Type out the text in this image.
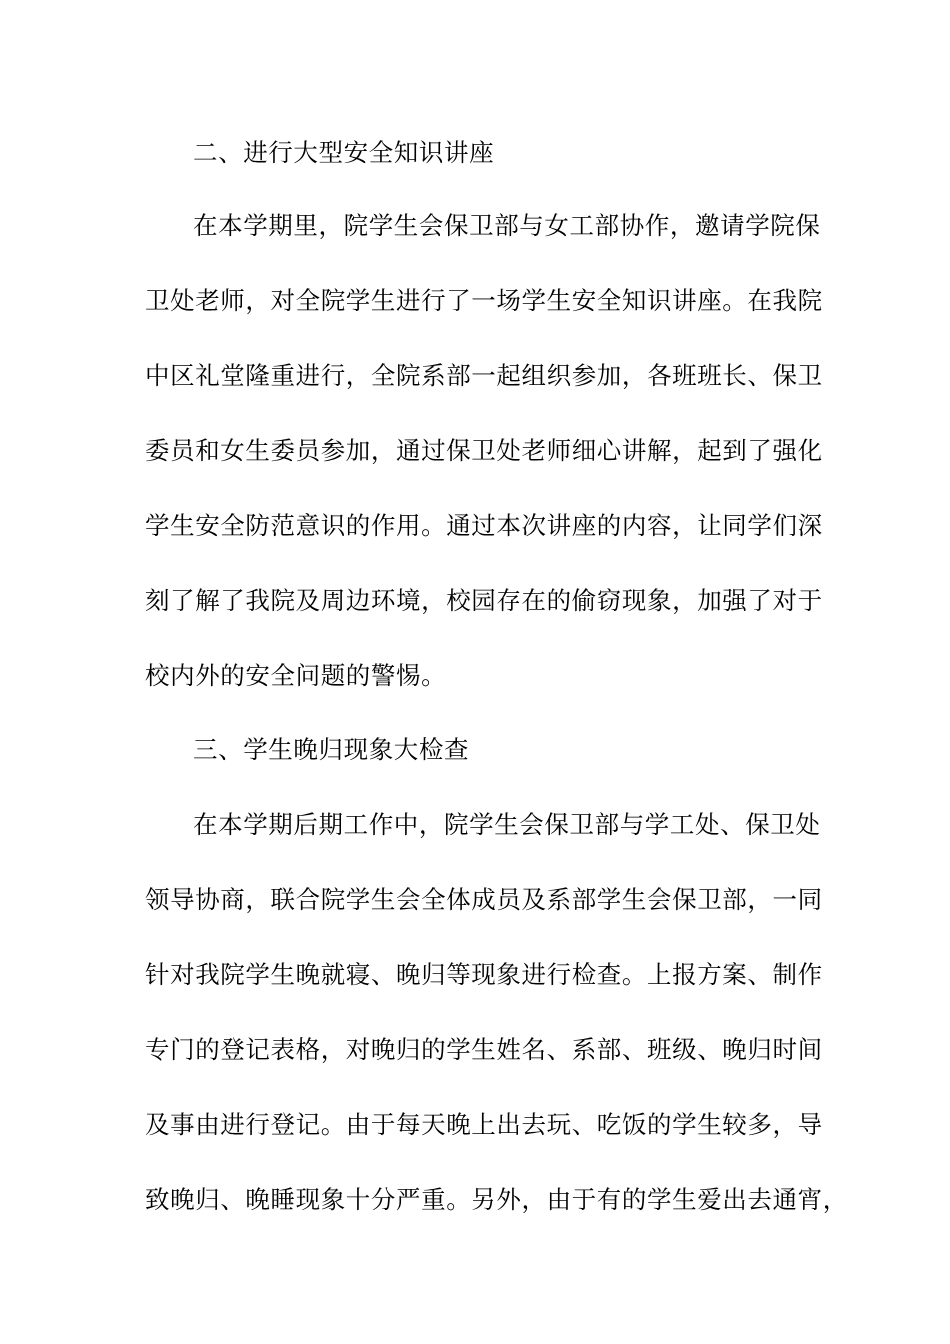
二、进行大型安全知识讲座
在本学期里，院学生会保卫部与女工部协作，邀请学院保
卫处老师，对全院学生进行了一场学生安全知识讲座。在我院
中区礼堂隆重进行，全院系部一起组织参加，各班班长、保卫
委员和女生委员参加，通过保卫处老师细心讲解，起到了强化
学生安全防范意识的作用。通过本次讲座的内容，让同学们深
刻了解了我院及周边环境，校园存在的偷窃现象，加强了对于
校内外的安全问题的警惕。
三、学生晚归现象大检查
在本学期后期工作中，院学生会保卫部与学工处、保卫处
领导协商，联合院学生会全体成员及系部学生会保卫部，一同
针对我院学生晚就寝、晚归等现象进行检查。上报方案、制作
专门的登记表格，对晚归的学生姓名、系部、班级、晚归时间
及事由进行登记。由于每天晚上出去玩、吃饭的学生较多，导
致晚归、晚睡现象十分严重。另外，由于有的学生爱出去通宵，
